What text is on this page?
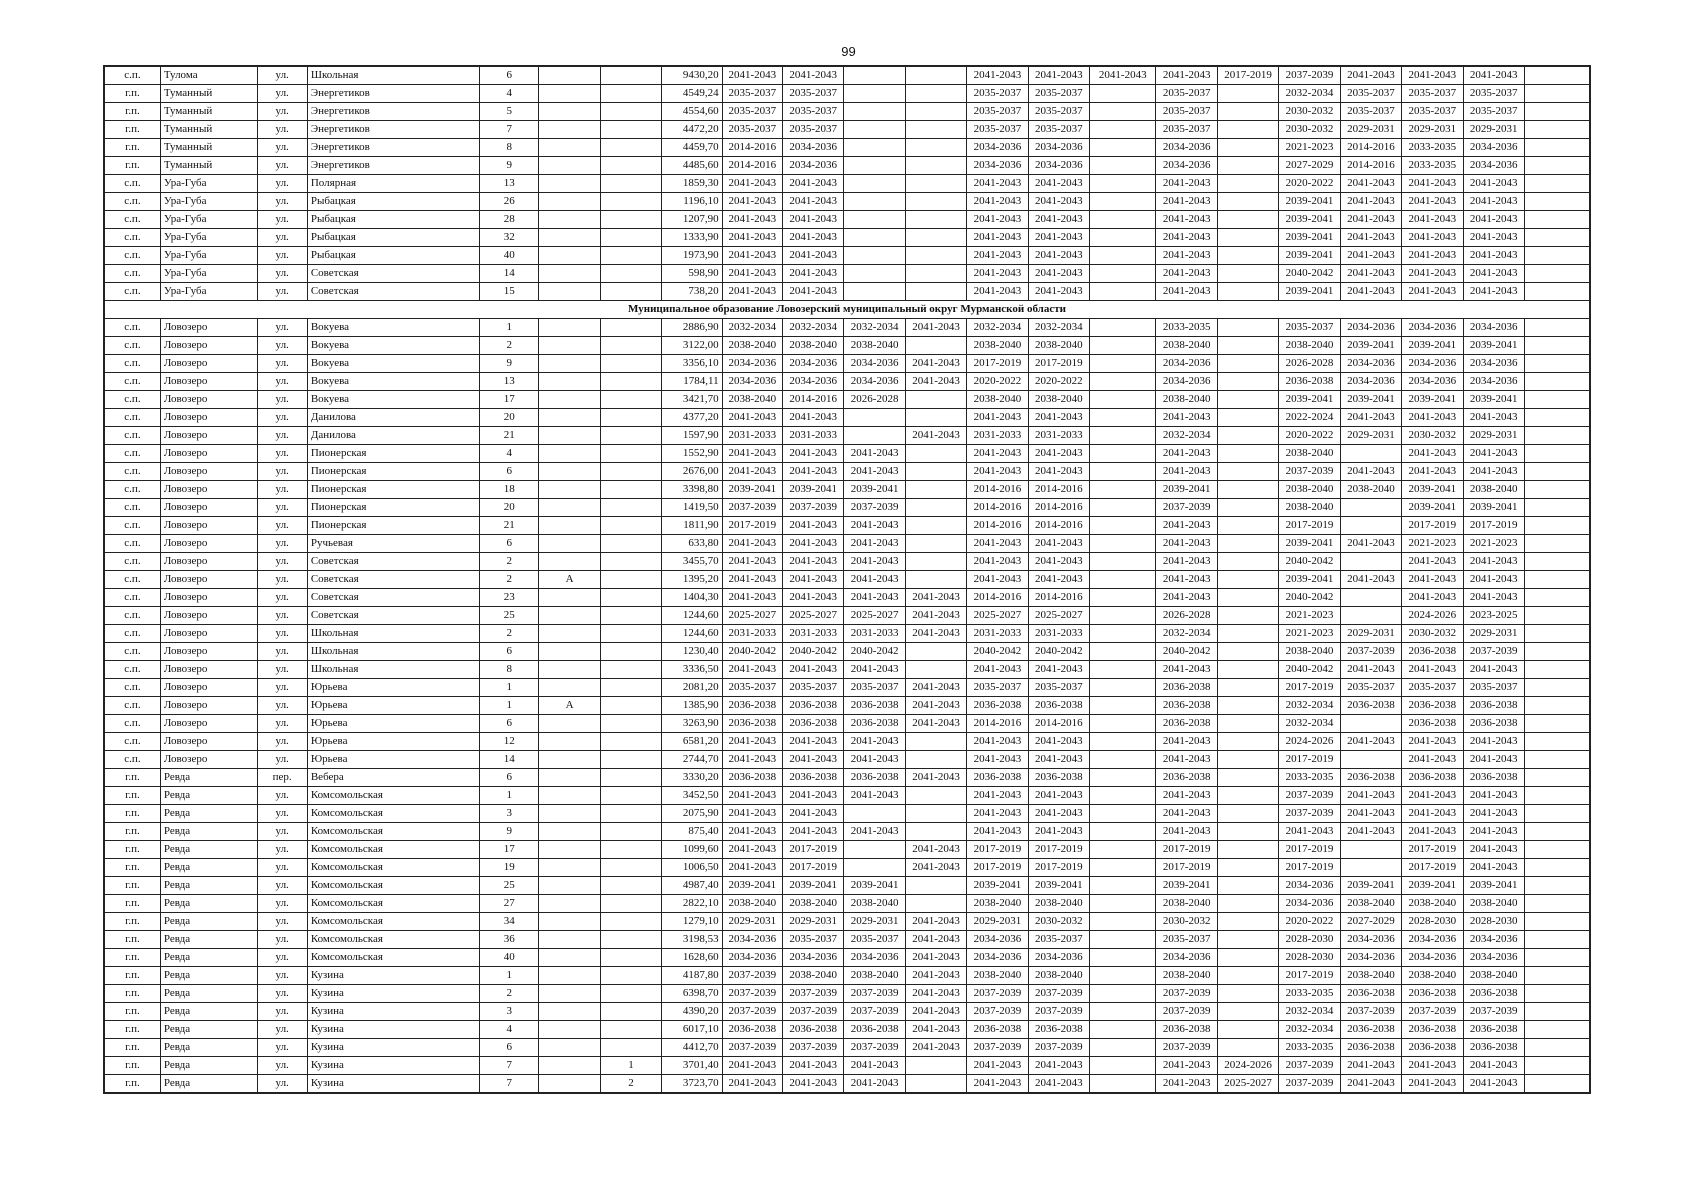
99
с.п.	Тулома	ул.	Школьная	6			9430,20	2041-2043	2041-2043			2041-2043	2041-2043	2041-2043	2041-2043	2017-2019	2037-2039	2041-2043	2041-2043	2041-2043	
г.п.	Туманный	ул.	Энергетиков	4			4549,24	2035-2037	2035-2037			2035-2037	2035-2037		2035-2037		2032-2034	2035-2037	2035-2037	2035-2037	
г.п.	Туманный	ул.	Энергетиков	5			4554,60	2035-2037	2035-2037			2035-2037	2035-2037		2035-2037		2030-2032	2035-2037	2035-2037	2035-2037	
г.п.	Туманный	ул.	Энергетиков	7			4472,20	2035-2037	2035-2037			2035-2037	2035-2037		2035-2037		2030-2032	2029-2031	2029-2031	2029-2031	
г.п.	Туманный	ул.	Энергетиков	8			4459,70	2014-2016	2034-2036			2034-2036	2034-2036		2034-2036		2021-2023	2014-2016	2033-2035	2034-2036	
г.п.	Туманный	ул.	Энергетиков	9			4485,60	2014-2016	2034-2036			2034-2036	2034-2036		2034-2036		2027-2029	2014-2016	2033-2035	2034-2036	
с.п.	Ура-Губа	ул.	Полярная	13			1859,30	2041-2043	2041-2043			2041-2043	2041-2043		2041-2043		2020-2022	2041-2043	2041-2043	2041-2043	
с.п.	Ура-Губа	ул.	Рыбацкая	26			1196,10	2041-2043	2041-2043			2041-2043	2041-2043		2041-2043		2039-2041	2041-2043	2041-2043	2041-2043	
с.п.	Ура-Губа	ул.	Рыбацкая	28			1207,90	2041-2043	2041-2043			2041-2043	2041-2043		2041-2043		2039-2041	2041-2043	2041-2043	2041-2043	
с.п.	Ура-Губа	ул.	Рыбацкая	32			1333,90	2041-2043	2041-2043			2041-2043	2041-2043		2041-2043		2039-2041	2041-2043	2041-2043	2041-2043	
с.п.	Ура-Губа	ул.	Рыбацкая	40			1973,90	2041-2043	2041-2043			2041-2043	2041-2043		2041-2043		2039-2041	2041-2043	2041-2043	2041-2043	
с.п.	Ура-Губа	ул.	Советская	14			598,90	2041-2043	2041-2043			2041-2043	2041-2043		2041-2043		2040-2042	2041-2043	2041-2043	2041-2043	
с.п.	Ура-Губа	ул.	Советская	15			738,20	2041-2043	2041-2043			2041-2043	2041-2043		2041-2043		2039-2041	2041-2043	2041-2043	2041-2043	
Муниципальное образование Ловозерский муниципальный округ Мурманской области																					
с.п.	Ловозеро	ул.	Вокуева	1			2886,90	2032-2034	2032-2034	2032-2034	2041-2043	2032-2034	2032-2034		2033-2035		2035-2037	2034-2036	2034-2036	2034-2036	
с.п.	Ловозеро	ул.	Вокуева	2			3122,00	2038-2040	2038-2040	2038-2040		2038-2040	2038-2040		2038-2040		2038-2040	2039-2041	2039-2041	2039-2041	
с.п.	Ловозеро	ул.	Вокуева	9			3356,10	2034-2036	2034-2036	2034-2036	2041-2043	2017-2019	2017-2019		2034-2036		2026-2028	2034-2036	2034-2036	2034-2036	
с.п.	Ловозеро	ул.	Вокуева	13			1784,11	2034-2036	2034-2036	2034-2036	2041-2043	2020-2022	2020-2022		2034-2036		2036-2038	2034-2036	2034-2036	2034-2036	
с.п.	Ловозеро	ул.	Вокуева	17			3421,70	2038-2040	2014-2016	2026-2028		2038-2040	2038-2040		2038-2040		2039-2041	2039-2041	2039-2041	2039-2041	
с.п.	Ловозеро	ул.	Данилова	20			4377,20	2041-2043	2041-2043			2041-2043	2041-2043		2041-2043		2022-2024	2041-2043	2041-2043	2041-2043	
с.п.	Ловозеро	ул.	Данилова	21			1597,90	2031-2033	2031-2033		2041-2043	2031-2033	2031-2033		2032-2034		2020-2022	2029-2031	2030-2032	2029-2031	
с.п.	Ловозеро	ул.	Пионерская	4			1552,90	2041-2043	2041-2043	2041-2043		2041-2043	2041-2043		2041-2043		2038-2040		2041-2043	2041-2043	
с.п.	Ловозеро	ул.	Пионерская	6			2676,00	2041-2043	2041-2043	2041-2043		2041-2043	2041-2043		2041-2043		2037-2039	2041-2043	2041-2043	2041-2043	
с.п.	Ловозеро	ул.	Пионерская	18			3398,80	2039-2041	2039-2041	2039-2041		2014-2016	2014-2016		2039-2041		2038-2040	2038-2040	2039-2041	2038-2040	
с.п.	Ловозеро	ул.	Пионерская	20			1419,50	2037-2039	2037-2039	2037-2039		2014-2016	2014-2016		2037-2039		2038-2040		2039-2041	2039-2041	
с.п.	Ловозеро	ул.	Пионерская	21			1811,90	2017-2019	2041-2043	2041-2043		2014-2016	2014-2016		2041-2043		2017-2019		2017-2019	2017-2019	
с.п.	Ловозеро	ул.	Ручьевая	6			633,80	2041-2043	2041-2043	2041-2043		2041-2043	2041-2043		2041-2043		2039-2041	2041-2043	2021-2023	2021-2023	
с.п.	Ловозеро	ул.	Советская	2			3455,70	2041-2043	2041-2043	2041-2043		2041-2043	2041-2043		2041-2043		2040-2042		2041-2043	2041-2043	
с.п.	Ловозеро	ул.	Советская	2	А		1395,20	2041-2043	2041-2043	2041-2043		2041-2043	2041-2043		2041-2043		2039-2041	2041-2043	2041-2043	2041-2043	
с.п.	Ловозеро	ул.	Советская	23			1404,30	2041-2043	2041-2043	2041-2043	2041-2043	2014-2016	2014-2016		2041-2043		2040-2042		2041-2043	2041-2043	
с.п.	Ловозеро	ул.	Советская	25			1244,60	2025-2027	2025-2027	2025-2027	2041-2043	2025-2027	2025-2027		2026-2028		2021-2023		2024-2026	2023-2025	
с.п.	Ловозеро	ул.	Школьная	2			1244,60	2031-2033	2031-2033	2031-2033	2041-2043	2031-2033	2031-2033		2032-2034		2021-2023	2029-2031	2030-2032	2029-2031	
с.п.	Ловозеро	ул.	Школьная	6			1230,40	2040-2042	2040-2042	2040-2042		2040-2042	2040-2042		2040-2042		2038-2040	2037-2039	2036-2038	2037-2039	
с.п.	Ловозеро	ул.	Школьная	8			3336,50	2041-2043	2041-2043	2041-2043		2041-2043	2041-2043		2041-2043		2040-2042	2041-2043	2041-2043	2041-2043	
с.п.	Ловозеро	ул.	Юрьева	1			2081,20	2035-2037	2035-2037	2035-2037	2041-2043	2035-2037	2035-2037		2036-2038		2017-2019	2035-2037	2035-2037	2035-2037	
с.п.	Ловозеро	ул.	Юрьева	1	А		1385,90	2036-2038	2036-2038	2036-2038	2041-2043	2036-2038	2036-2038		2036-2038		2032-2034	2036-2038	2036-2038	2036-2038	
с.п.	Ловозеро	ул.	Юрьева	6			3263,90	2036-2038	2036-2038	2036-2038	2041-2043	2014-2016	2014-2016		2036-2038		2032-2034		2036-2038	2036-2038	
с.п.	Ловозеро	ул.	Юрьева	12			6581,20	2041-2043	2041-2043	2041-2043		2041-2043	2041-2043		2041-2043		2024-2026	2041-2043	2041-2043	2041-2043	
с.п.	Ловозеро	ул.	Юрьева	14			2744,70	2041-2043	2041-2043	2041-2043		2041-2043	2041-2043		2041-2043		2017-2019		2041-2043	2041-2043	
г.п.	Ревда	пер.	Вебера	6			3330,20	2036-2038	2036-2038	2036-2038	2041-2043	2036-2038	2036-2038		2036-2038		2033-2035	2036-2038	2036-2038	2036-2038	
г.п.	Ревда	ул.	Комсомольская	1			3452,50	2041-2043	2041-2043	2041-2043		2041-2043	2041-2043		2041-2043		2037-2039	2041-2043	2041-2043	2041-2043	
г.п.	Ревда	ул.	Комсомольская	3			2075,90	2041-2043	2041-2043			2041-2043	2041-2043		2041-2043		2037-2039	2041-2043	2041-2043	2041-2043	
г.п.	Ревда	ул.	Комсомольская	9			875,40	2041-2043	2041-2043	2041-2043		2041-2043	2041-2043		2041-2043		2041-2043	2041-2043	2041-2043	2041-2043	
г.п.	Ревда	ул.	Комсомольская	17			1099,60	2041-2043	2017-2019		2041-2043	2017-2019	2017-2019		2017-2019		2017-2019		2017-2019	2041-2043	
г.п.	Ревда	ул.	Комсомольская	19			1006,50	2041-2043	2017-2019		2041-2043	2017-2019	2017-2019		2017-2019		2017-2019		2017-2019	2041-2043	
г.п.	Ревда	ул.	Комсомольская	25			4987,40	2039-2041	2039-2041	2039-2041		2039-2041	2039-2041		2039-2041		2034-2036	2039-2041	2039-2041	2039-2041	
г.п.	Ревда	ул.	Комсомольская	27			2822,10	2038-2040	2038-2040	2038-2040		2038-2040	2038-2040		2038-2040		2034-2036	2038-2040	2038-2040	2038-2040	
г.п.	Ревда	ул.	Комсомольская	34			1279,10	2029-2031	2029-2031	2029-2031	2041-2043	2029-2031	2030-2032		2030-2032		2020-2022	2027-2029	2028-2030	2028-2030	
г.п.	Ревда	ул.	Комсомольская	36			3198,53	2034-2036	2035-2037	2035-2037	2041-2043	2034-2036	2035-2037		2035-2037		2028-2030	2034-2036	2034-2036	2034-2036	
г.п.	Ревда	ул.	Комсомольская	40			1628,60	2034-2036	2034-2036	2034-2036	2041-2043	2034-2036	2034-2036		2034-2036		2028-2030	2034-2036	2034-2036	2034-2036	
г.п.	Ревда	ул.	Кузина	1			4187,80	2037-2039	2038-2040	2038-2040	2041-2043	2038-2040	2038-2040		2038-2040		2017-2019	2038-2040	2038-2040	2038-2040	
г.п.	Ревда	ул.	Кузина	2			6398,70	2037-2039	2037-2039	2037-2039	2041-2043	2037-2039	2037-2039		2037-2039		2033-2035	2036-2038	2036-2038	2036-2038	
г.п.	Ревда	ул.	Кузина	3			4390,20	2037-2039	2037-2039	2037-2039	2041-2043	2037-2039	2037-2039		2037-2039		2032-2034	2037-2039	2037-2039	2037-2039	
г.п.	Ревда	ул.	Кузина	4			6017,10	2036-2038	2036-2038	2036-2038	2041-2043	2036-2038	2036-2038		2036-2038		2032-2034	2036-2038	2036-2038	2036-2038	
г.п.	Ревда	ул.	Кузина	6			4412,70	2037-2039	2037-2039	2037-2039	2041-2043	2037-2039	2037-2039		2037-2039		2033-2035	2036-2038	2036-2038	2036-2038	
г.п.	Ревда	ул.	Кузина	7		1	3701,40	2041-2043	2041-2043	2041-2043		2041-2043	2041-2043		2041-2043	2024-2026	2037-2039	2041-2043	2041-2043	2041-2043	
г.п.	Ревда	ул.	Кузина	7		2	3723,70	2041-2043	2041-2043	2041-2043		2041-2043	2041-2043		2041-2043	2025-2027	2037-2039	2041-2043	2041-2043	2041-2043	
